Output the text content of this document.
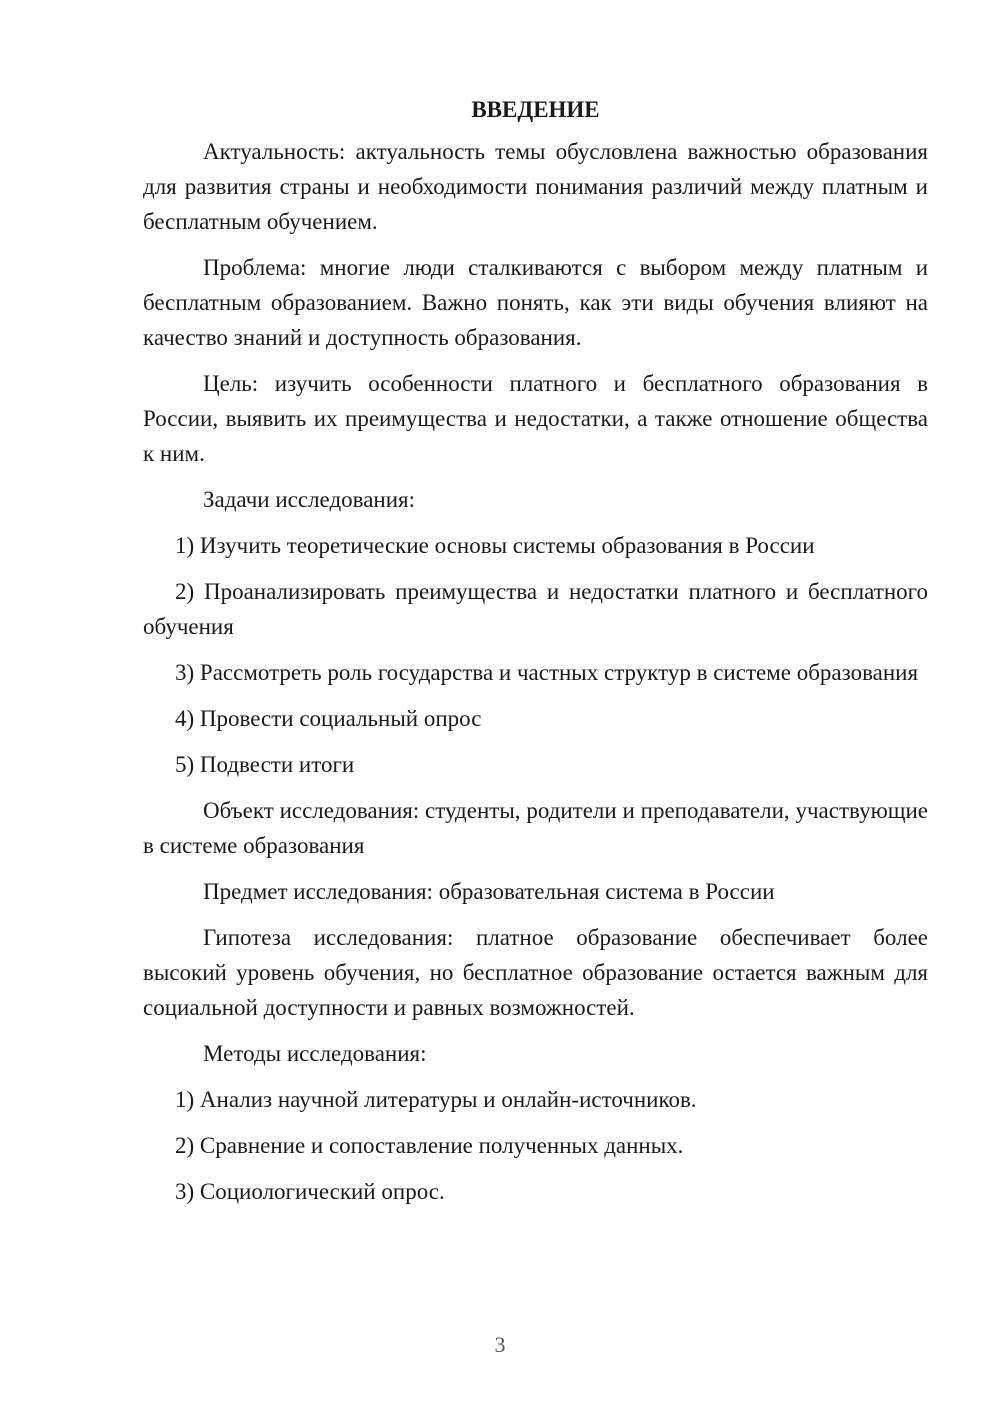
ВВЕДЕНИЕ

Актуальность: актуальность темы обусловлена важностью образования для развития страны и необходимости понимания различий между платным и бесплатным обучением.

Проблема: многие люди сталкиваются с выбором между платным и бесплатным образованием. Важно понять, как эти виды обучения влияют на качество знаний и доступность образования.

Цель: изучить особенности платного и бесплатного образования в России, выявить их преимущества и недостатки, а также отношение общества к ним.

Задачи исследования:

1) Изучить теоретические основы системы образования в России

2) Проанализировать преимущества и недостатки платного и бесплатного обучения

3) Рассмотреть роль государства и частных структур в системе образования

4) Провести социальный опрос

5) Подвести итоги

Объект исследования: студенты, родители и преподаватели, участвующие в системе образования

Предмет исследования: образовательная система в России

Гипотеза исследования: платное образование обеспечивает более высокий уровень обучения, но бесплатное образование остается важным для социальной доступности и равных возможностей.

Методы исследования:

1) Анализ научной литературы и онлайн-источников.

2) Сравнение и сопоставление полученных данных.

3) Социологический опрос.

3
